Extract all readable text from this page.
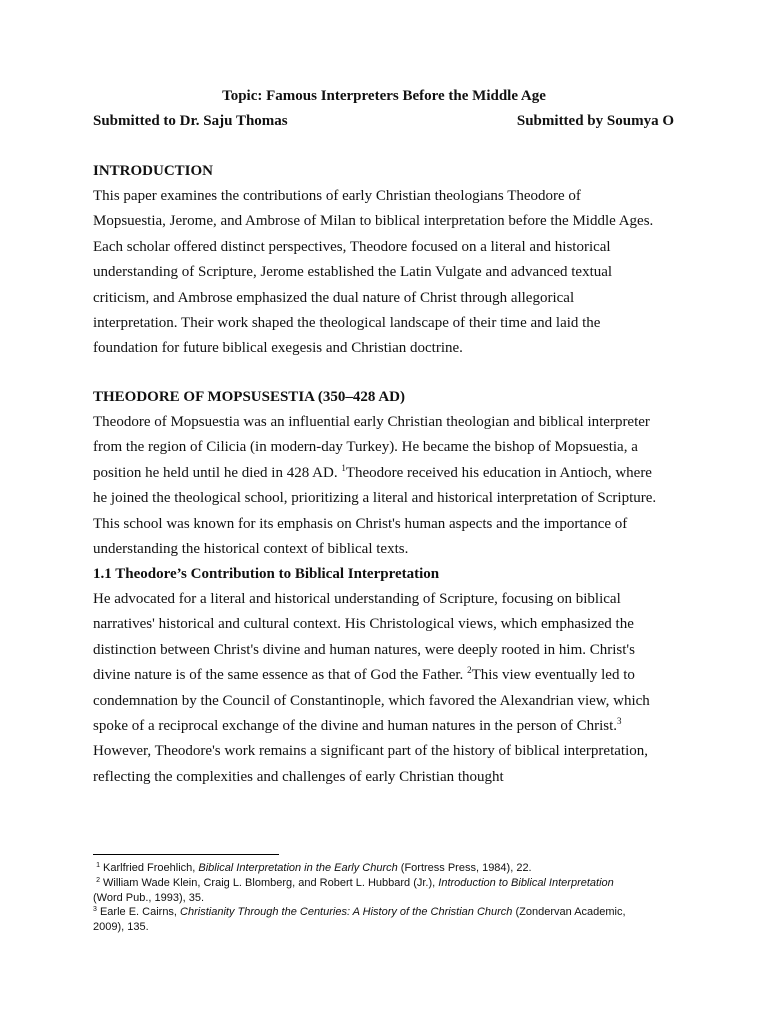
Topic: Famous Interpreters Before the Middle Age
Submitted to Dr. Saju Thomas	Submitted by Soumya O
INTRODUCTION
This paper examines the contributions of early Christian theologians Theodore of
Mopsuestia, Jerome, and Ambrose of Milan to biblical interpretation before the Middle Ages.
Each scholar offered distinct perspectives, Theodore focused on a literal and historical
understanding of Scripture, Jerome established the Latin Vulgate and advanced textual
criticism, and Ambrose emphasized the dual nature of Christ through allegorical
interpretation. Their work shaped the theological landscape of their time and laid the
foundation for future biblical exegesis and Christian doctrine.
THEODORE OF MOPSUSESTIA (350–428 AD)
Theodore of Mopsuestia was an influential early Christian theologian and biblical interpreter
from the region of Cilicia (in modern-day Turkey). He became the bishop of Mopsuestia, a
position he held until he died in 428 AD. $^1$Theodore received his education in Antioch, where
he joined the theological school, prioritizing a literal and historical interpretation of Scripture.
This school was known for its emphasis on Christ's human aspects and the importance of
understanding the historical context of biblical texts.
1.1 Theodore’s Contribution to Biblical Interpretation
He advocated for a literal and historical understanding of Scripture, focusing on biblical
narratives' historical and cultural context. His Christological views, which emphasized the
distinction between Christ's divine and human natures, were deeply rooted in him. Christ's
divine nature is of the same essence as that of God the Father. $^2$This view eventually led to
condemnation by the Council of Constantinople, which favored the Alexandrian view, which
spoke of a reciprocal exchange of the divine and human natures in the person of Christ.$^3$
However, Theodore's work remains a significant part of the history of biblical interpretation,
reflecting the complexities and challenges of early Christian thought
$^1$ Karlfried Froehlich, Biblical Interpretation in the Early Church (Fortress Press, 1984), 22.
$^2$ William Wade Klein, Craig L. Blomberg, and Robert L. Hubbard (Jr.), Introduction to Biblical Interpretation
(Word Pub., 1993), 35.
$^3$ Earle E. Cairns, Christianity Through the Centuries: A History of the Christian Church (Zondervan Academic,
2009), 135.
